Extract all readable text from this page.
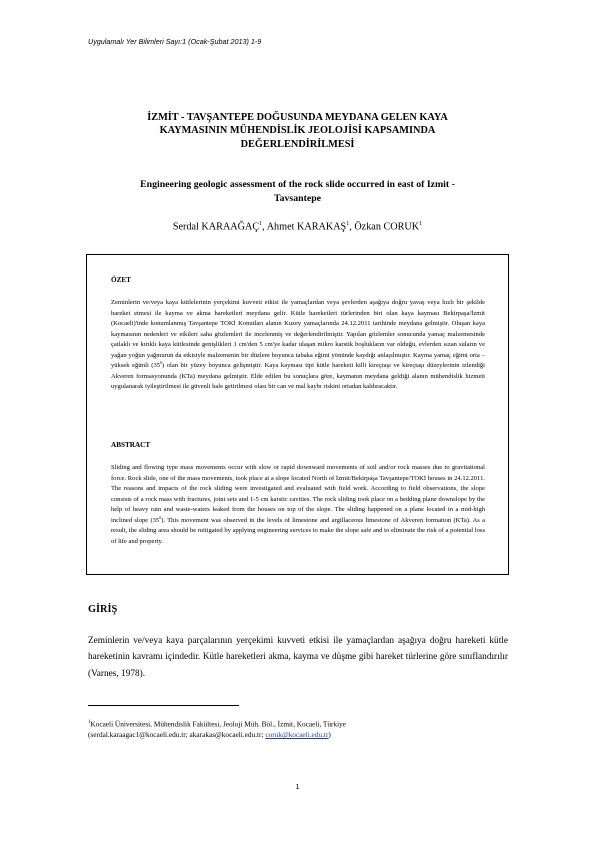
Uygulamalı Yer Bilimleri Sayı:1 (Ocak-Şubat 2013) 1-9
İZMİT - TAVŞANTEPE DOĞUSUNDA MEYDANA GELEN KAYA
KAYMASININ MÜHENDİSLİK JEOLOJİSİ KAPSAMINDA
DEĞERLENDİRİLMESİ
Engineering geologic assessment of the rock slide occurred in east of Izmit -
Tavsantepe
Serdal KARAAĞAÇ$^1$, Ahmet KARAKAŞ$^1$, Özkan CORUK$^1$
ÖZET
Zeminlerin ve/veya kaya kütlelerinin yerçekimi kuvveti etkisi ile yamaçlardan veya şevlerden aşağıya doğru yavaş veya hızlı bir şekilde hareket etmesi ile kayma ve akma hareketleri meydana gelir. Kütle hareketleri türlerinden biri olan kaya kayması Bekirpaşa/İzmit (Kocaeli)'inde konumlanmış Tavşantepe TOKİ Konutları alanın Kuzey yamaçlarında 24.12.2011 tarihinde meydana gelmiştir. Oluşan kaya kaymasının nedenleri ve etkileri saha gözlemleri ile incelenmiş ve değerlendirilmiştir. Yapılan gözlemler sonucunda yamaç malzemesinde çatlaklı ve kırıklı kaya kütlesinde genişlikleri 1 cm'den 5 cm'ye kadar ulaşan mikro karstik boşlukların var olduğu, evlerden sızan suların ve yağan yoğun yağmurun da etkisiyle malzemenin bir düzlem boyunca tabaka eğimi yönünde kaydığı anlaşılmıştır. Kayma yamaç eğimi orta – yüksek eğimli $(35^0)$ olan bir yüzey boyunca gelişmiştir. Kaya kayması tipi kütle hareketi killi kireçtaşı ve kireçtaşı düzeylerinin izlendiği Akveren formasyonunda (KTa) meydana gelmiştir. Elde edilen bu sonuçlara göre, kaymanın meydana geldiği alanın mühendislik hizmeti uygulanarak iyileştirilmesi ile güvenli hale getirilmesi olası bir can ve mal kaybı riskini ortadan kaldıracaktır.
ABSTRACT
Sliding and flowing type mass movements occur with slow or rapid downward movements of soil and/or rock masses due to gravitational force. Rock slide, one of the mass movements, took place at a slope located North of İzmit/Bekirpaşa Tavşantepe/TOKİ houses in 24.12.2011. The reasons and impacts of the rock sliding were investigated and evaluated with field work. According to field observations, the slope consists of a rock mass with fractures, joint sets and 1-5 cm karstic cavities. The rock sliding took place on a bedding plane downslope by the help of heavy rain and waste-waters leaked from the houses on top of the slope. The sliding happened on a plane located in a mid-high inclined slope $(35^0)$. This movement was observed in the levels of limestone and argillaceous limestone of Akveren formation (KTa). As a result, the sliding area should be mitigated by applying engineering services to make the slope safe and to eliminate the risk of a potential loss of life and property.
GİRİŞ
Zeminlerin ve/veya kaya parçalarının yerçekimi kuvveti etkisi ile yamaçlardan aşağıya doğru hareketi kütle hareketinin kavramı içindedir. Kütle hareketleri akma, kayma ve düşme gibi hareket türlerine göre sınıflandırılır (Varnes, 1978).
$^1$Kocaeli Üniversitesi, Mühendislik Fakültesi, Jeoloji Müh. Böl., İzmit, Kocaeli, Türkiye
(serdal.karaagac1@kocaeli.edu.tr; akarakas@kocaeli.edu.tr; coruk@kocaeli.edu.tr)
1
